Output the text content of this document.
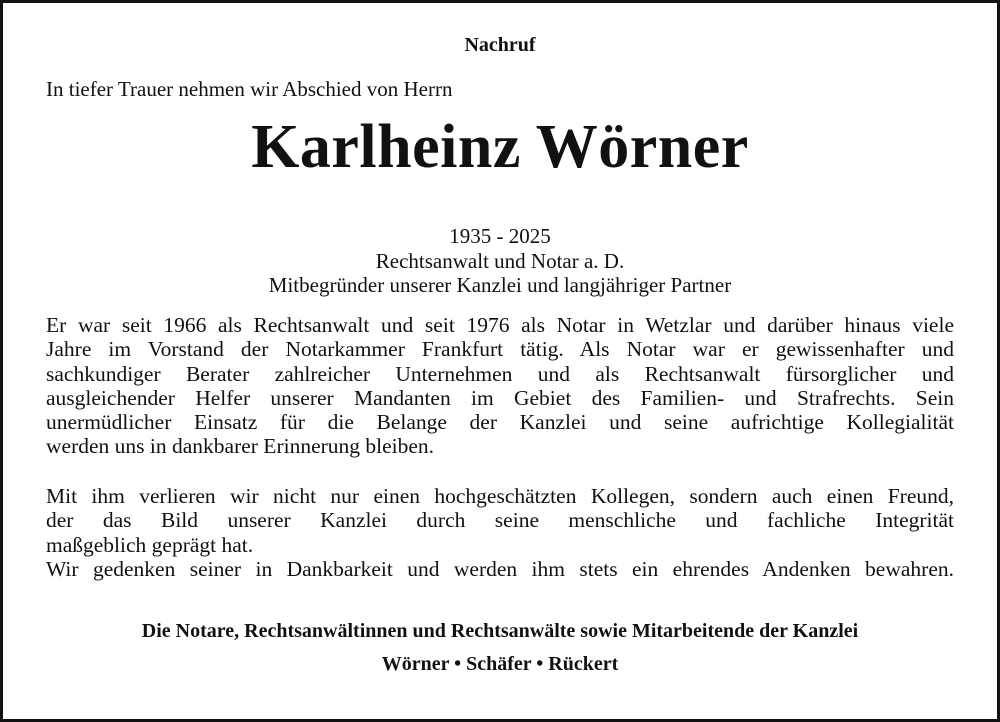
Nachruf
In tiefer Trauer nehmen wir Abschied von Herrn
Karlheinz Wörner
1935 - 2025
Rechtsanwalt und Notar a. D.
Mitbegründer unserer Kanzlei und langjähriger Partner
Er war seit 1966 als Rechtsanwalt und seit 1976 als Notar in Wetzlar und darüber hinaus viele
Jahre im Vorstand der Notarkammer Frankfurt tätig. Als Notar war er gewissenhafter und
sachkundiger Berater zahlreicher Unternehmen und als Rechtsanwalt fürsorglicher und
ausgleichender Helfer unserer Mandanten im Gebiet des Familien- und Strafrechts. Sein
unermüdlicher Einsatz für die Belange der Kanzlei und seine aufrichtige Kollegialität
werden uns in dankbarer Erinnerung bleiben.
Mit ihm verlieren wir nicht nur einen hochgeschätzten Kollegen, sondern auch einen Freund,
der das Bild unserer Kanzlei durch seine menschliche und fachliche Integrität
maßgeblich geprägt hat.
Wir gedenken seiner in Dankbarkeit und werden ihm stets ein ehrendes Andenken bewahren.
Die Notare, Rechtsanwältinnen und Rechtsanwälte sowie Mitarbeitende der Kanzlei
Wörner • Schäfer • Rückert
